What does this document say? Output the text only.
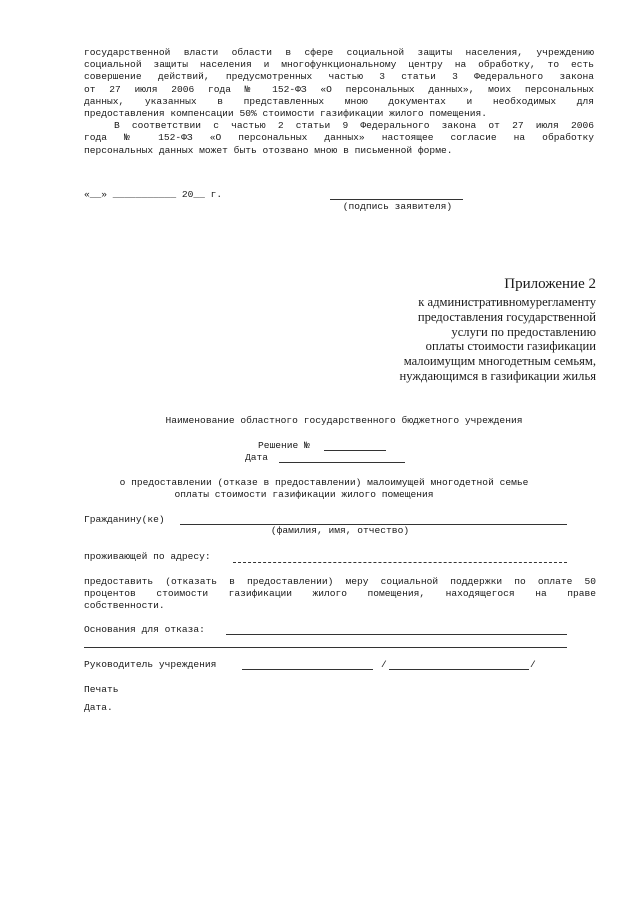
государственной власти области в сфере социальной защиты населения, учреждению
социальной защиты населения и многофункциональному центру на обработку, то есть
совершение действий, предусмотренных частью 3 статьи 3 Федерального закона
от 27 июля 2006 года № 152-ФЗ «О персональных данных», моих персональных
данных, указанных в представленных мною документах и необходимых для
предоставления компенсации 50% стоимости газификации жилого помещения.
В соответствии с частью 2 статьи 9 Федерального закона от 27 июля 2006
года № 152-ФЗ «О персональных данных» настоящее согласие на обработку
персональных данных может быть отозвано мною в письменной форме.
«__» ___________ 20__ г.
(подпись заявителя)
Приложение 2
к административномурегламенту
предоставления государственной
услуги по предоставлению
оплаты стоимости газификации
малоимущим многодетным семьям,
нуждающимся в газификации жилья
Наименование областного государственного бюджетного учреждения
Решение №
Дата
о предоставлении (отказе в предоставлении) малоимущей многодетной семье
оплаты стоимости газификации жилого помещения
Гражданину(ке)
(фамилия, имя, отчество)
проживающей по адресу:
предоставить (отказать в предоставлении) меру социальной поддержки по оплате 50
процентов стоимости газификации жилого помещения, находящегося на праве
собственности.
Основания для отказа:
Руководитель учреждения	/	/
Печать
Дата.
